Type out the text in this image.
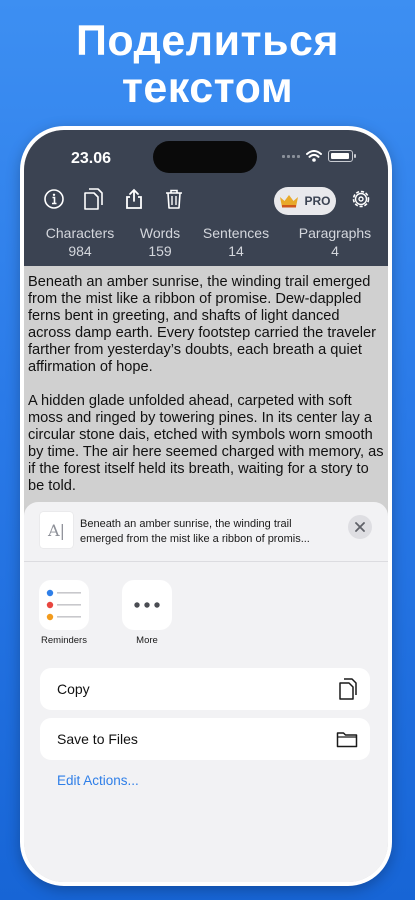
Поделиться
текстом
23.06
PRO
Characters
984
Words
159
Sentences
14
Paragraphs
4

Beneath an amber sunrise, the winding trail emerged from the mist like a ribbon of promise. Dew-dappled ferns bent in greeting, and shafts of light danced across damp earth. Every footstep carried the traveler farther from yesterday’s doubts, each breath a quiet affirmation of hope.

A hidden glade unfolded ahead, carpeted with soft moss and ringed by towering pines. In its center lay a circular stone dais, etched with symbols worn smooth by time. The air here seemed charged with memory, as if the forest itself held its breath, waiting for a story to be told.

A|	Beneath an amber sunrise, the winding trail emerged from the mist like a ribbon of promis...
Reminders	More
Copy
Save to Files
Edit Actions...
